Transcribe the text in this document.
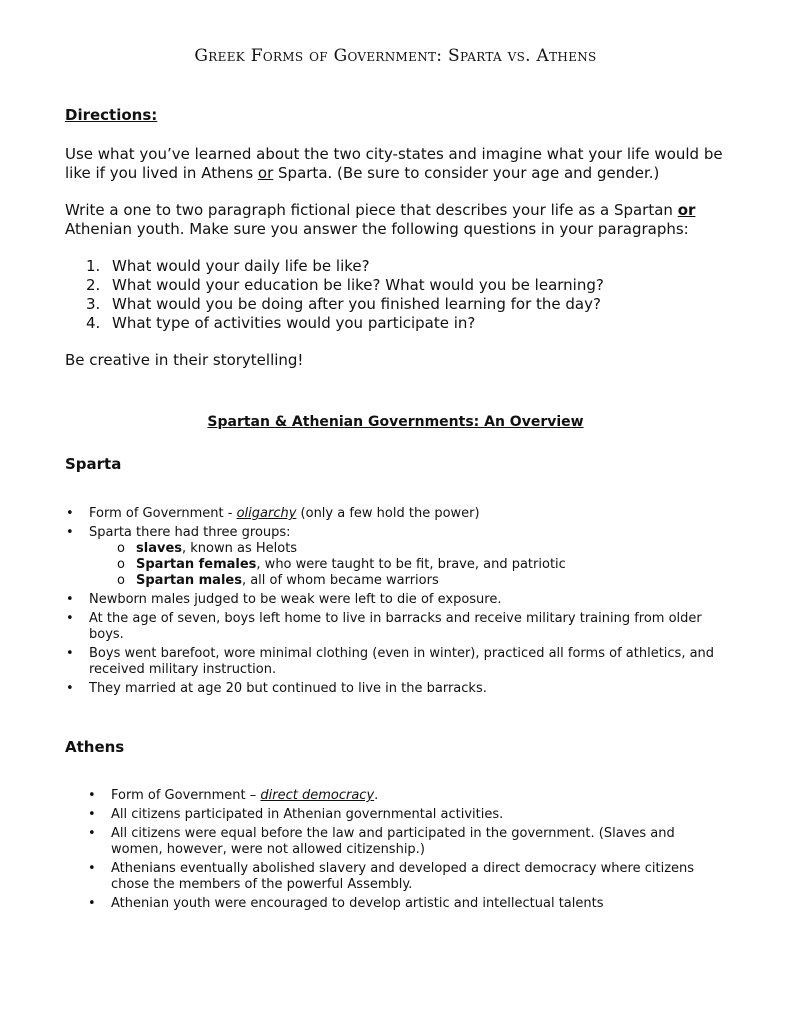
Greek Forms of Government: Sparta vs. Athens
Directions:
Use what you’ve learned about the two city-states and imagine what your life would be like if you lived in Athens or Sparta. (Be sure to consider your age and gender.)
Write a one to two paragraph fictional piece that describes your life as a Spartan or Athenian youth. Make sure you answer the following questions in your paragraphs:
1. What would your daily life be like?
2. What would your education be like? What would you be learning?
3. What would you be doing after you finished learning for the day?
4. What type of activities would you participate in?
Be creative in their storytelling!
Spartan & Athenian Governments: An Overview
Sparta
• Form of Government - oligarchy (only a few hold the power)
• Sparta there had three groups:
o slaves, known as Helots
o Spartan females, who were taught to be fit, brave, and patriotic
o Spartan males, all of whom became warriors
• Newborn males judged to be weak were left to die of exposure.
• At the age of seven, boys left home to live in barracks and receive military training from older boys.
• Boys went barefoot, wore minimal clothing (even in winter), practiced all forms of athletics, and received military instruction.
• They married at age 20 but continued to live in the barracks.
Athens
• Form of Government – direct democracy.
• All citizens participated in Athenian governmental activities.
• All citizens were equal before the law and participated in the government. (Slaves and women, however, were not allowed citizenship.)
• Athenians eventually abolished slavery and developed a direct democracy where citizens chose the members of the powerful Assembly.
• Athenian youth were encouraged to develop artistic and intellectual talents
